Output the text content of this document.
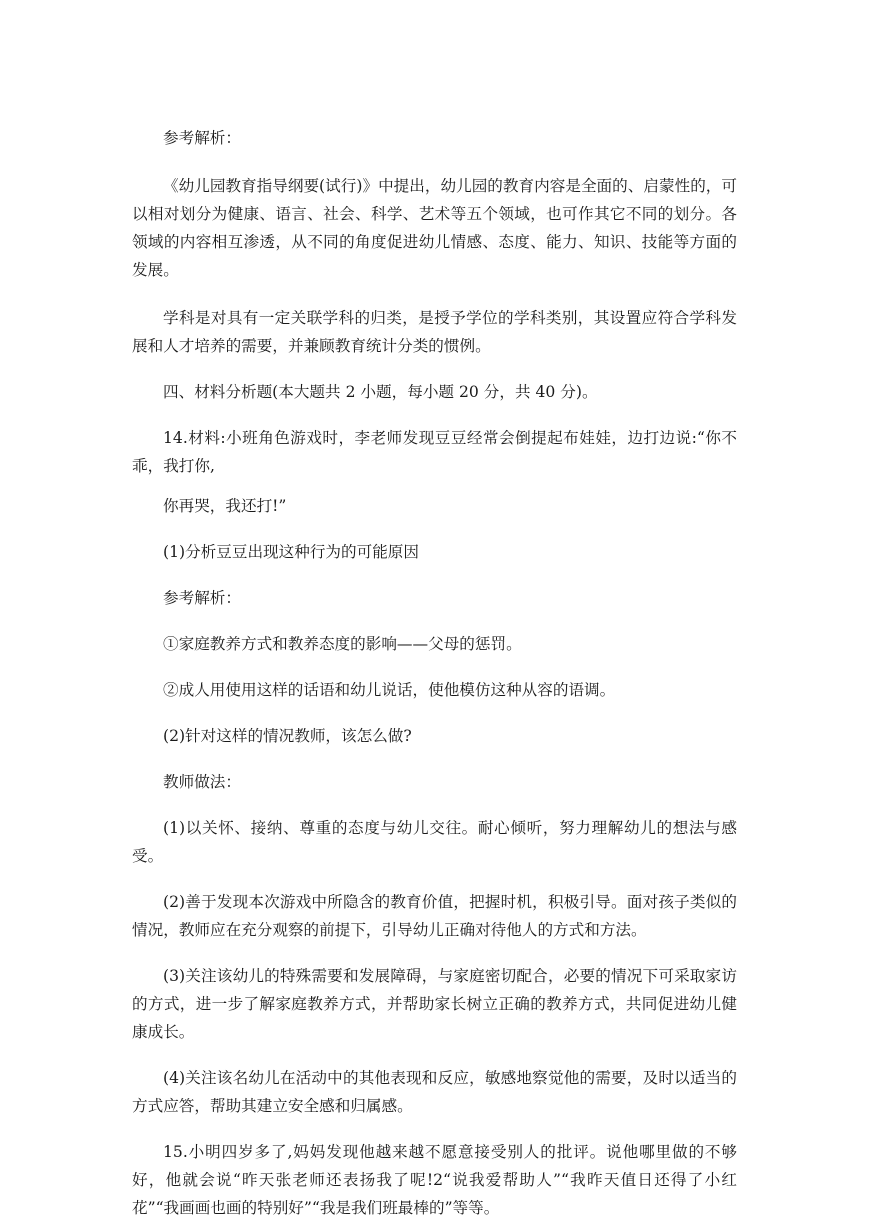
参考解析：

《幼儿园教育指导纲要(试行)》中提出，幼儿园的教育内容是全面的、启蒙性的，可以相对划分为健康、语言、社会、科学、艺术等五个领域，也可作其它不同的划分。各领域的内容相互渗透，从不同的角度促进幼儿情感、态度、能力、知识、技能等方面的发展。

学科是对具有一定关联学科的归类，是授予学位的学科类别，其设置应符合学科发展和人才培养的需要，并兼顾教育统计分类的惯例。

四、材料分析题(本大题共 2 小题，每小题 20 分，共 40 分)。

14.材料:小班角色游戏时，李老师发现豆豆经常会倒提起布娃娃，边打边说:“你不乖，我打你,

你再哭，我还打!”

(1)分析豆豆出现这种行为的可能原因

参考解析：

①家庭教养方式和教养态度的影响——父母的惩罚。

②成人用使用这样的话语和幼儿说话，使他模仿这种从容的语调。

(2)针对这样的情况教师，该怎么做?

教师做法：

(1)以关怀、接纳、尊重的态度与幼儿交往。耐心倾听，努力理解幼儿的想法与感受。

(2)善于发现本次游戏中所隐含的教育价值，把握时机，积极引导。面对孩子类似的情况，教师应在充分观察的前提下，引导幼儿正确对待他人的方式和方法。

(3)关注该幼儿的特殊需要和发展障碍，与家庭密切配合，必要的情况下可采取家访的方式，进一步了解家庭教养方式，并帮助家长树立正确的教养方式，共同促进幼儿健康成长。

(4)关注该名幼儿在活动中的其他表现和反应，敏感地察觉他的需要，及时以适当的方式应答，帮助其建立安全感和归属感。

15.小明四岁多了,妈妈发现他越来越不愿意接受别人的批评。说他哪里做的不够好，他就会说“昨天张老师还表扬我了呢!2“说我爱帮助人”“我昨天值日还得了小红花”“我画画也画的特别好”“我是我们班最棒的”等等。
